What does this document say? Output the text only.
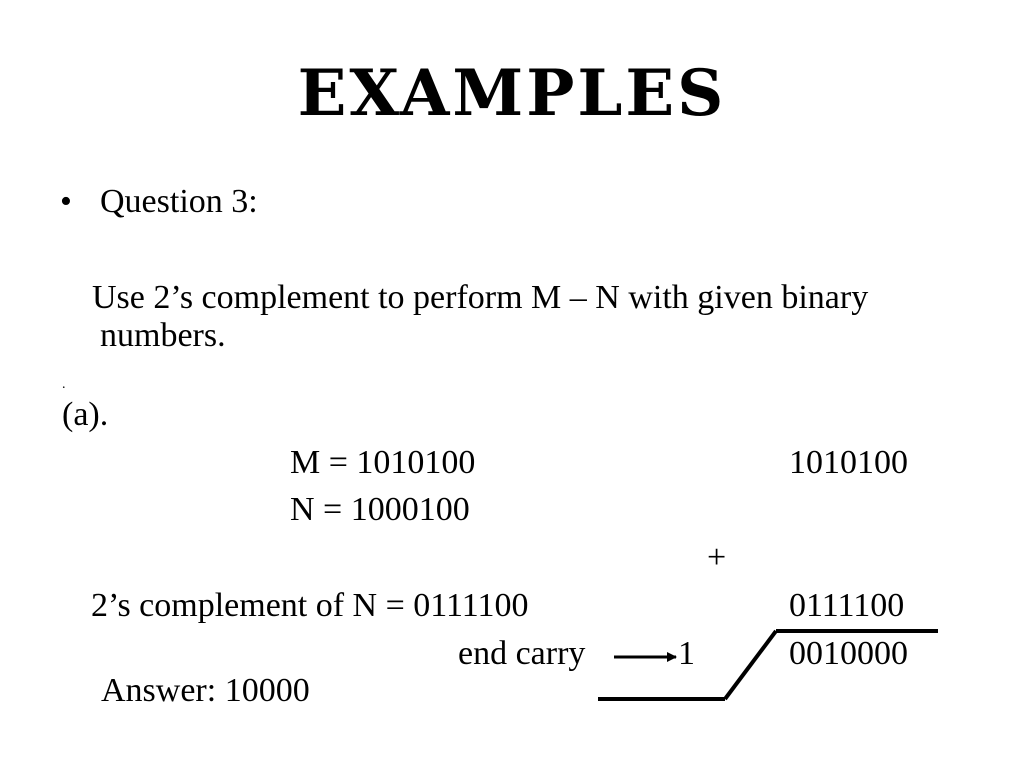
EXAMPLES
• Question 3:
Use 2’s complement to perform M – N with given binary
numbers.
.
(a).
M = 1010100	1010100
N = 1000100
+
2’s complement of N = 0111100	0111100
end carry	1	0010000
Answer: 10000
